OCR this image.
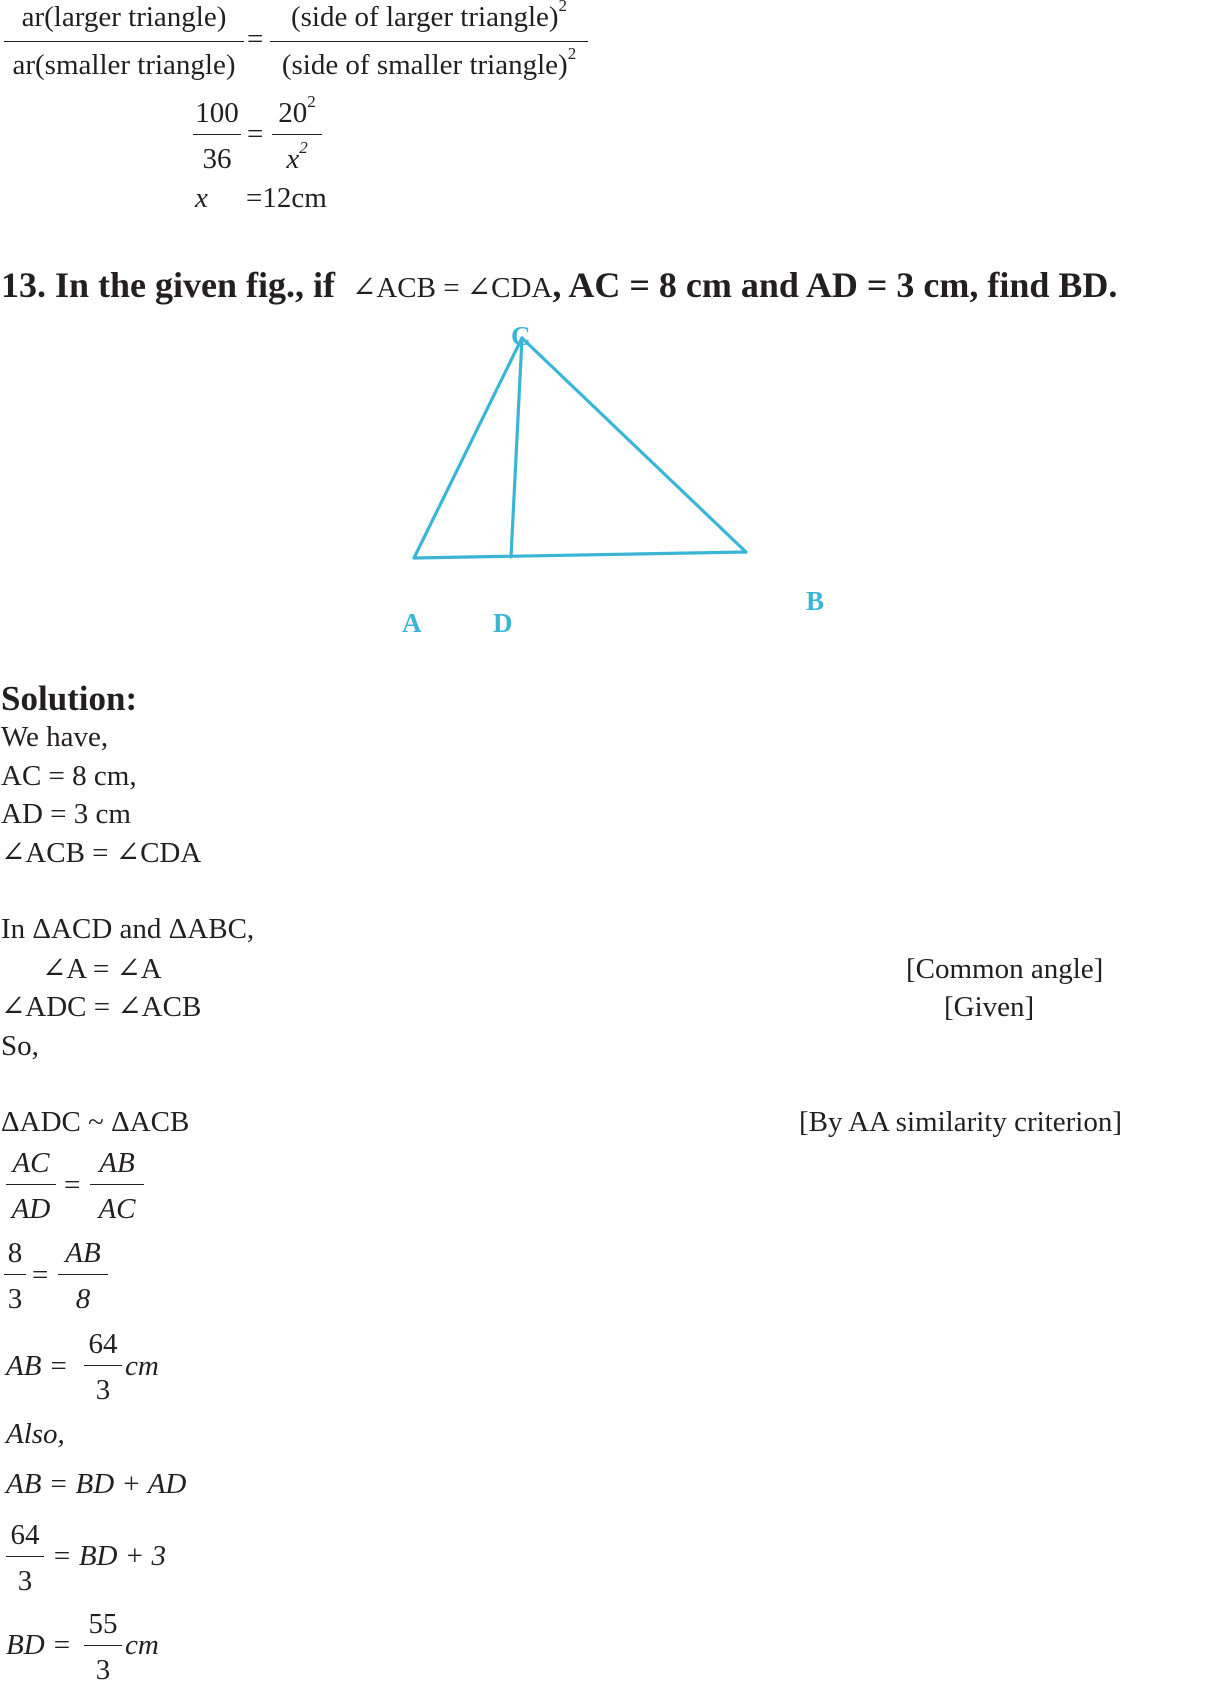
ar(larger triangle)
ar(smaller triangle)
=
(side of larger triangle)$^2$
(side of smaller triangle)$^2$
100
36
=
$20^2$
$x^2$
x =12cm
13. In the given fig., if ∠ACB = ∠CDA, AC = 8 cm and AD = 3 cm, find BD.
C
A	D
B
Solution:
We have,
AC = 8 cm,
AD = 3 cm
∠ACB = ∠CDA
In ΔACD and ΔABC,
∠A = ∠A	[Common angle]
∠ADC = ∠ACB	[Given]
So,
ΔADC ~ ΔACB	[By AA similarity criterion]
AC
AD
=
AB
AC
8
3
=
AB
8
AB =
64
3
cm
Also,
AB = BD + AD
64
3
= BD + 3
BD =
55
3
cm
